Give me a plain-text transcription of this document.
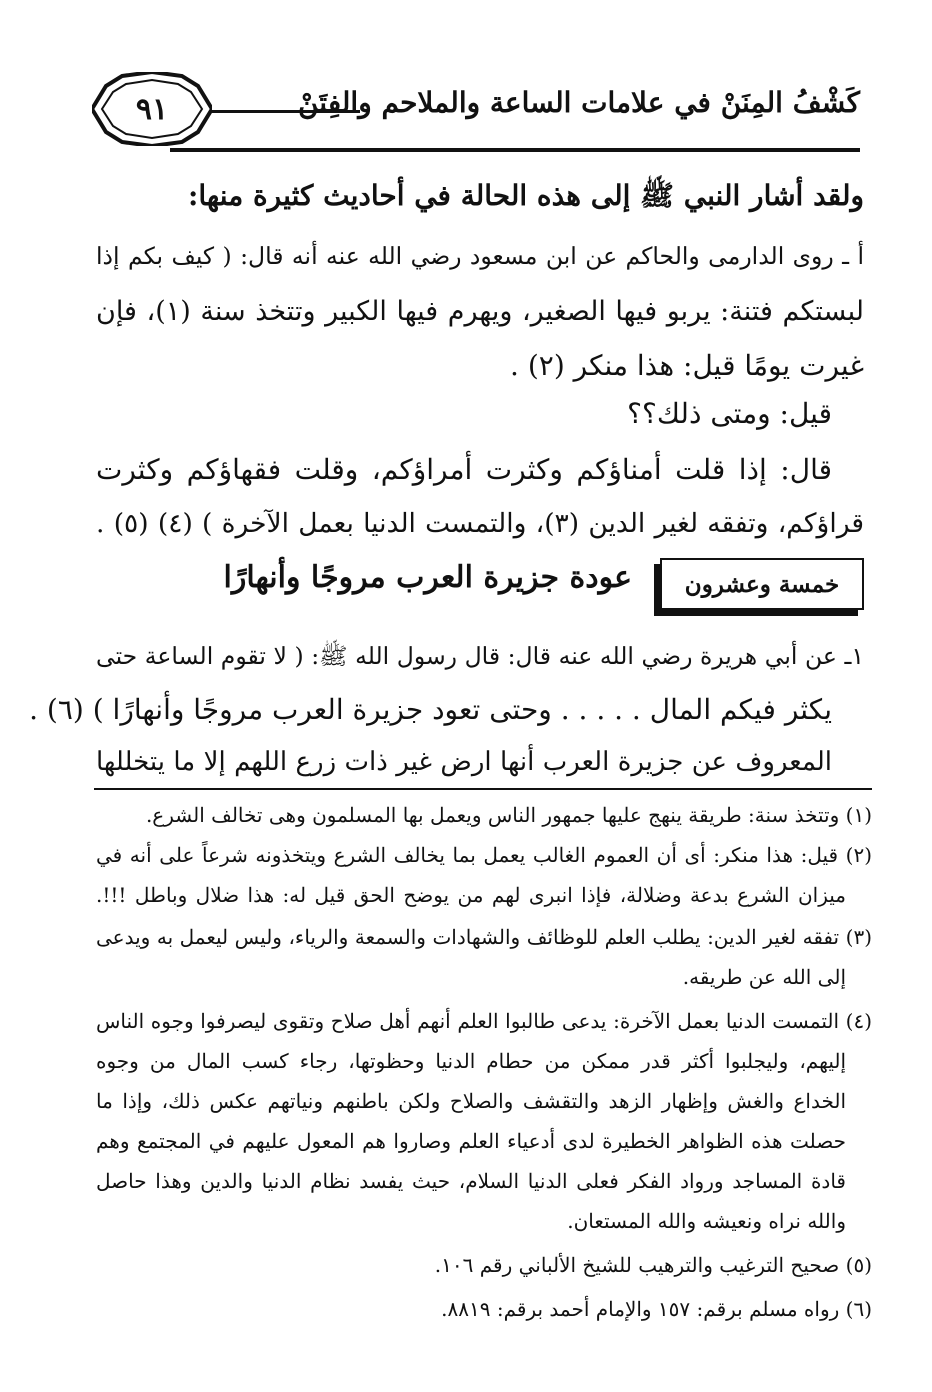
كَشْفُ المِنَنْ في علامات الساعة والملاحم والفِتَنْ
٩١
ولقد أشار النبي ﷺ إلى هذه الحالة في أحاديث كثيرة منها:
أ ـ روى الدارمى والحاكم عن ابن مسعود رضي الله عنه أنه قال: ( كيف بكم إذا
لبستكم فتنة: يربو فيها الصغير، ويهرم فيها الكبير وتتخذ سنة (١)، فإن
غيرت يومًا قيل: هذا منكر (٢) .
قيل: ومتى ذلك؟؟
قال: إذا قلت أمناؤكم وكثرت أمراؤكم، وقلت فقهاؤكم وكثرت
قراؤكم، وتفقه لغير الدين (٣)، والتمست الدنيا بعمل الآخرة ) (٤) (٥) .
خمسة وعشرون
عودة جزيرة العرب مروجًا وأنهارًا
١ـ عن أبي هريرة رضي الله عنه قال: قال رسول الله ﷺ: ( لا تقوم الساعة حتى
يكثر فيكم المال . . . . . وحتى تعود جزيرة العرب مروجًا وأنهارًا ) (٦) .
المعروف عن جزيرة العرب أنها ارض غير ذات زرع اللهم إلا ما يتخللها
(١) وتتخذ سنة: طريقة ينهج عليها جمهور الناس ويعمل بها المسلمون وهى تخالف الشرع.
(٢) قيل: هذا منكر: أى أن العموم الغالب يعمل بما يخالف الشرع ويتخذونه شرعاً على أنه في
ميزان الشرع بدعة وضلالة، فإذا انبرى لهم من يوضح الحق قيل له: هذا ضلال وباطل !!!.
(٣) تفقه لغير الدين: يطلب العلم للوظائف والشهادات والسمعة والرياء، وليس ليعمل به ويدعى
إلى الله عن طريقه.
(٤) التمست الدنيا بعمل الآخرة: يدعى طالبوا العلم أنهم أهل صلاح وتقوى ليصرفوا وجوه الناس
إليهم، وليجلبوا أكثر قدر ممكن من حطام الدنيا وحظوتها، رجاء كسب المال من وجوه
الخداع والغش وإظهار الزهد والتقشف والصلاح ولكن باطنهم ونياتهم عكس ذلك، وإذا ما
حصلت هذه الظواهر الخطيرة لدى أدعياء العلم وصاروا هم المعول عليهم في المجتمع وهم
قادة المساجد ورواد الفكر فعلى الدنيا السلام، حيث يفسد نظام الدنيا والدين وهذا حاصل
والله نراه ونعيشه والله المستعان.
(٥) صحيح الترغيب والترهيب للشيخ الألباني رقم ١٠٦.
(٦) رواه مسلم برقم: ١٥٧ والإمام أحمد برقم: ٨٨١٩.
